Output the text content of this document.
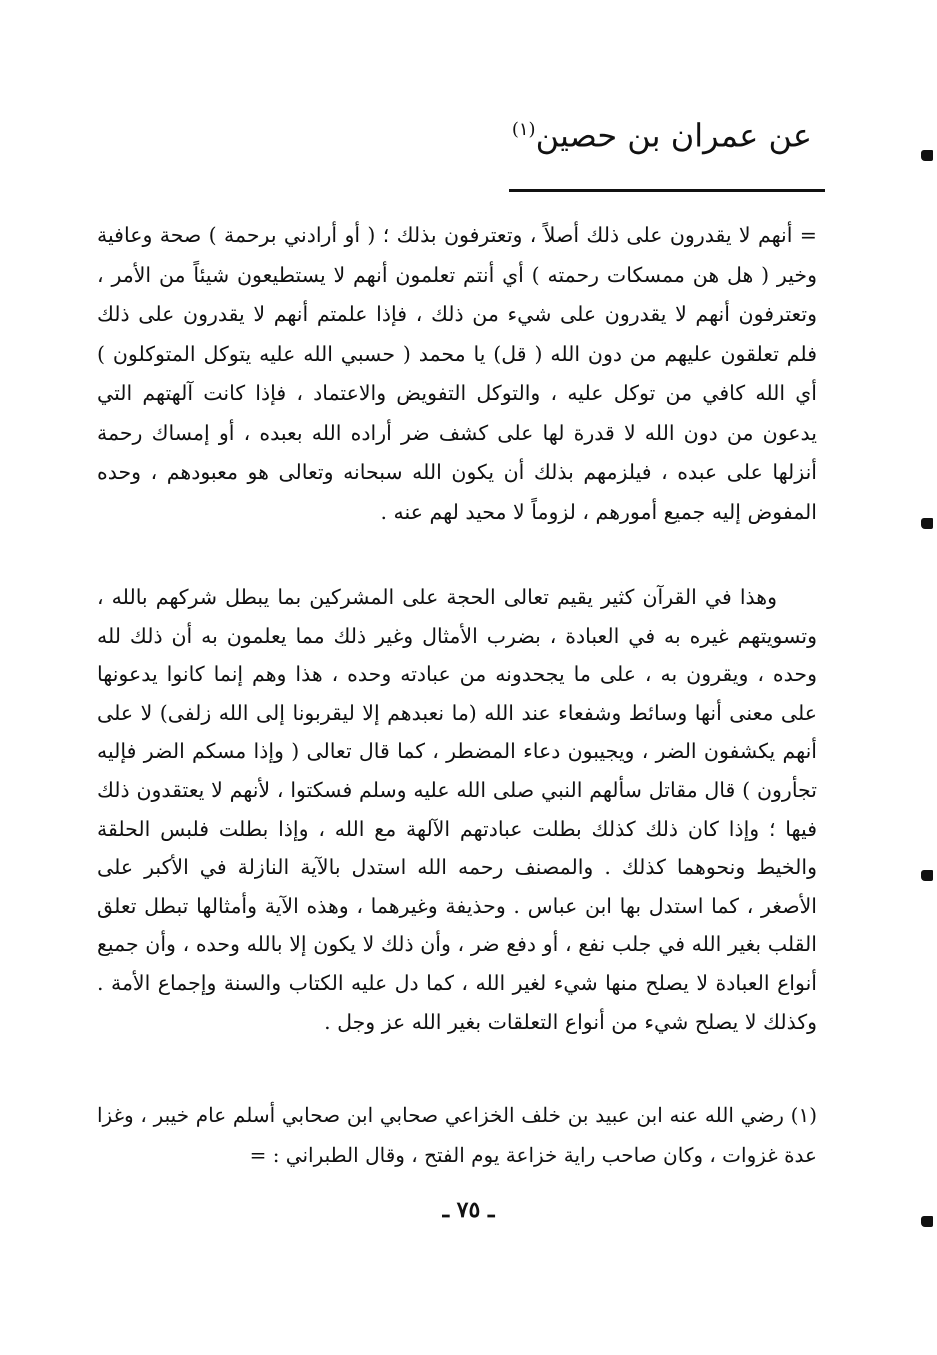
عن عمران بن حصين$^{(١)}$
= أنهم لا يقدرون على ذلك أصلاً ، وتعترفون بذلك ؛ ( أو أرادني برحمة ) صحة وعافية وخير ( هل هن ممسكات رحمته ) أي أنتم تعلمون أنهم لا يستطيعون شيئاً من الأمر ، وتعترفون أنهم لا يقدرون على شيء من ذلك ، فإذا علمتم أنهم لا يقدرون على ذلك فلم تعلقون عليهم من دون الله ( قل) يا محمد ( حسبي الله عليه يتوكل المتوكلون ) أي الله كافي من توكل عليه ، والتوكل التفويض والاعتماد ، فإذا كانت آلهتهم التي يدعون من دون الله لا قدرة لها على كشف ضر أراده الله بعبده ، أو إمساك رحمة أنزلها على عبده ، فيلزمهم بذلك أن يكون الله سبحانه وتعالى هو معبودهم ، وحده المفوض إليه جميع أمورهم ، لزوماً لا محيد لهم عنه .
وهذا في القرآن كثير يقيم تعالى الحجة على المشركين بما يبطل شركهم بالله ، وتسويتهم غيره به في العبادة ، بضرب الأمثال وغير ذلك مما يعلمون به أن ذلك لله وحده ، ويقرون به ، على ما يجحدونه من عبادته وحده ، هذا وهم إنما كانوا يدعونها على معنى أنها وسائط وشفعاء عند الله (ما نعبدهم إلا ليقربونا إلى الله زلفى) لا على أنهم يكشفون الضر ، ويجيبون دعاء المضطر ، كما قال تعالى ( وإذا مسكم الضر فإليه تجأرون ) قال مقاتل سألهم النبي صلى الله عليه وسلم فسكتوا ، لأنهم لا يعتقدون ذلك فيها ؛ وإذا كان ذلك كذلك بطلت عبادتهم الآلهة مع الله ، وإذا بطلت فلبس الحلقة والخيط ونحوهما كذلك . والمصنف رحمه الله استدل بالآية النازلة في الأكبر على الأصغر ، كما استدل بها ابن عباس . وحذيفة وغيرهما ، وهذه الآية وأمثالها تبطل تعلق القلب بغير الله في جلب نفع ، أو دفع ضر ، وأن ذلك لا يكون إلا بالله وحده ، وأن جميع أنواع العبادة لا يصلح منها شيء لغير الله ، كما دل عليه الكتاب والسنة وإجماع الأمة . وكذلك لا يصلح شيء من أنواع التعلقات بغير الله عز وجل .
(١) رضي الله عنه ابن عبيد بن خلف الخزاعي صحابي ابن صحابي أسلم عام خيبر ، وغزا عدة غزوات ، وكان صاحب راية خزاعة يوم الفتح ، وقال الطبراني : =
ـ ٧٥ ـ
